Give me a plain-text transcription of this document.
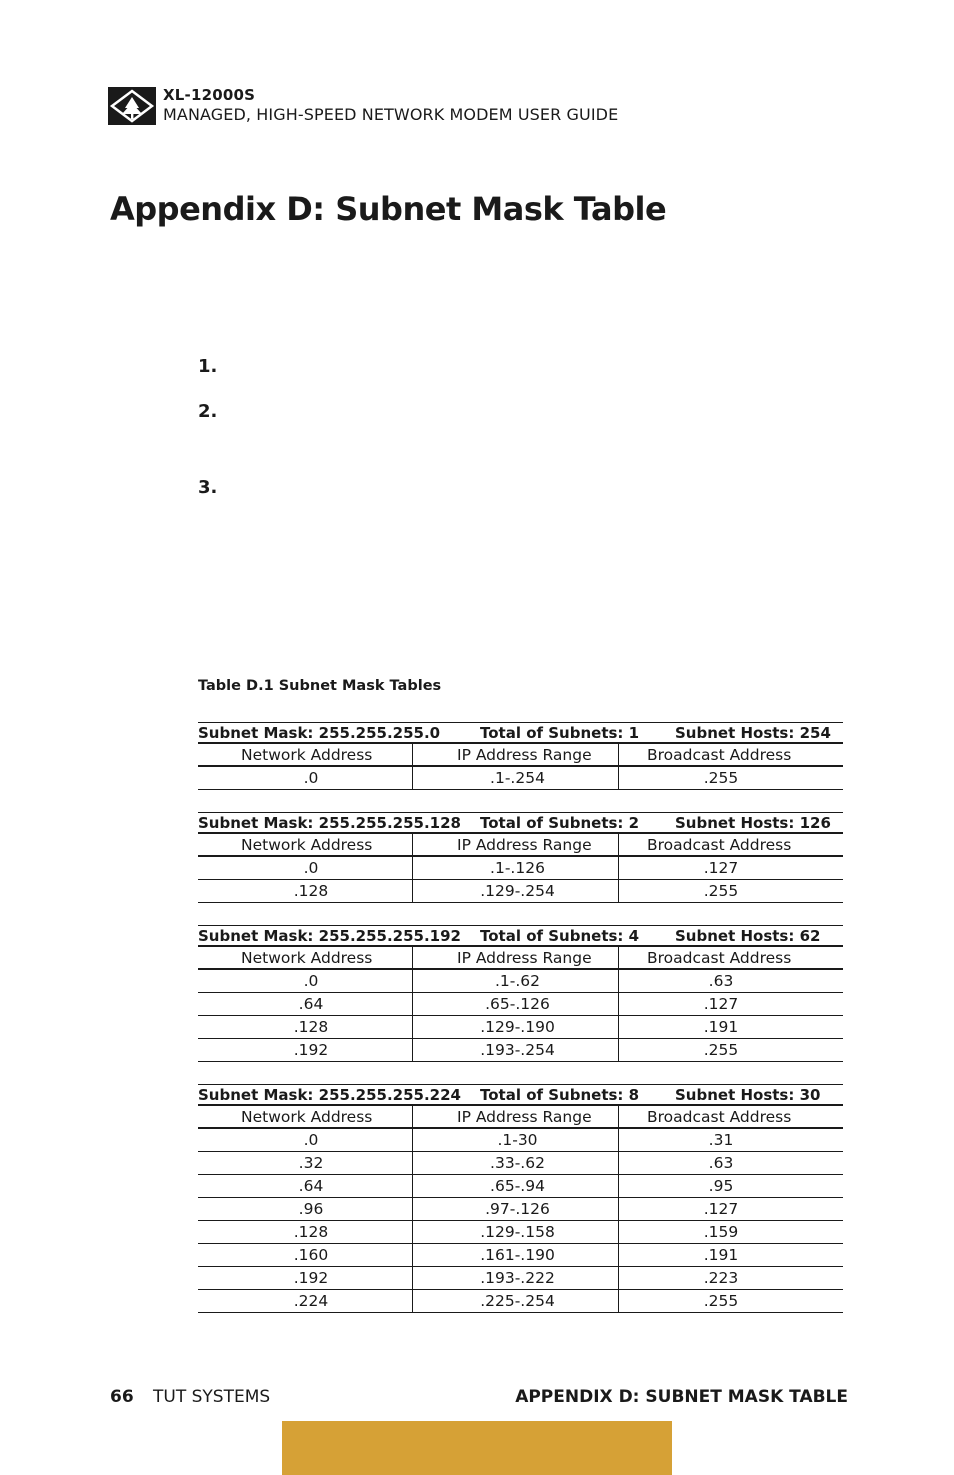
XL-12000S
MANAGED, HIGH-SPEED NETWORK MODEM USER GUIDE
Appendix D: Subnet Mask Table
1.
2.
3.
Table D.1 Subnet Mask Tables
Subnet Mask: 255.255.255.0	Total of Subnets: 1	Subnet Hosts: 254
Network Address	IP Address Range	Broadcast Address
.0	.1-.254	.255
Subnet Mask: 255.255.255.128	Total of Subnets: 2	Subnet Hosts: 126
Network Address	IP Address Range	Broadcast Address
.0	.1-.126	.127
.128	.129-.254	.255
Subnet Mask: 255.255.255.192	Total of Subnets: 4	Subnet Hosts: 62
Network Address	IP Address Range	Broadcast Address
.0	.1-.62	.63
.64	.65-.126	.127
.128	.129-.190	.191
.192	.193-.254	.255
Subnet Mask: 255.255.255.224	Total of Subnets: 8	Subnet Hosts: 30
Network Address	IP Address Range	Broadcast Address
.0	.1-30	.31
.32	.33-.62	.63
.64	.65-.94	.95
.96	.97-.126	.127
.128	.129-.158	.159
.160	.161-.190	.191
.192	.193-.222	.223
.224	.225-.254	.255
66 TUT SYSTEMS	APPENDIX D: SUBNET MASK TABLE
